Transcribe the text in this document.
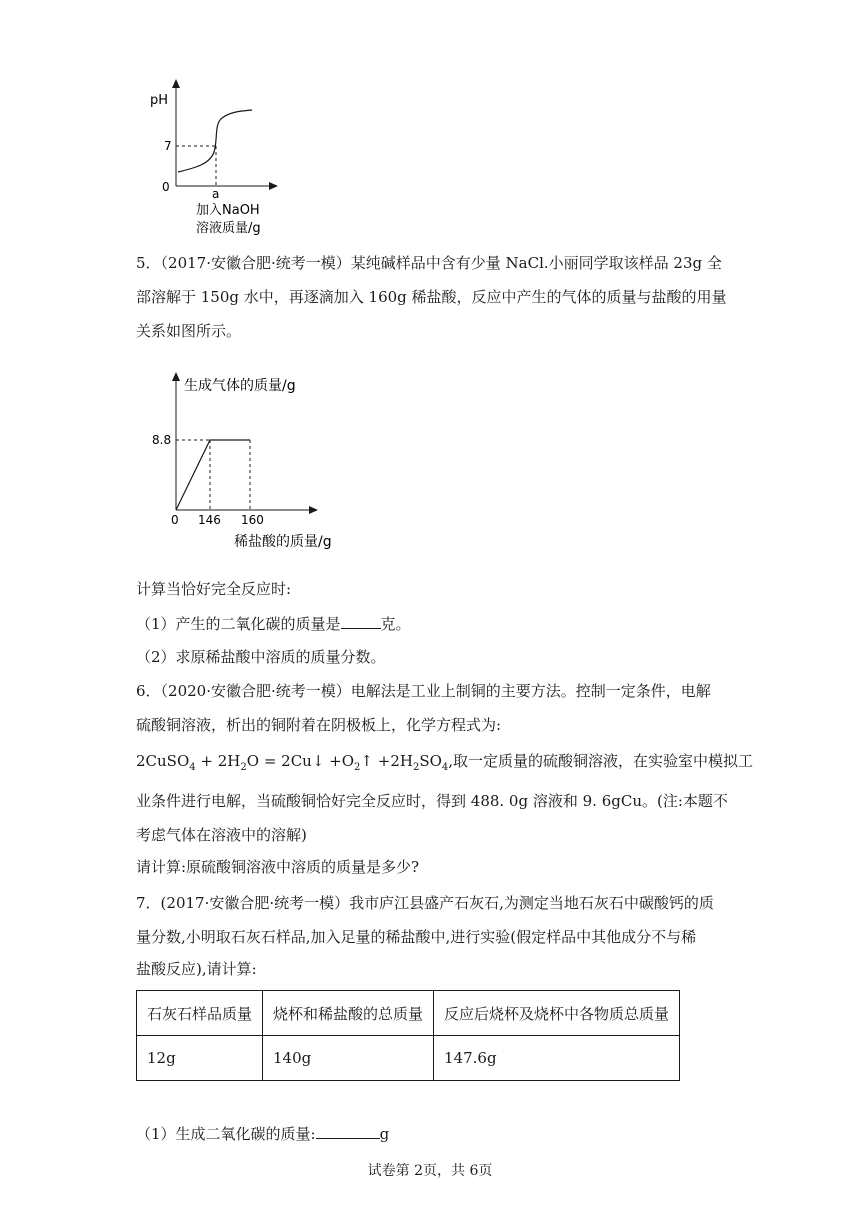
pH
7
0	a
加入NaOH
溶液质量/g
5．（2017·安徽合肥·统考一模）某纯碱样品中含有少量 NaCl.小丽同学取该样品 23g 全
部溶解于 150g 水中，再逐滴加入 160g 稀盐酸，反应中产生的气体的质量与盐酸的用量
关系如图所示。
生成气体的质量/g
8.8
0 146 160
稀盐酸的质量/g
计算当恰好完全反应时:
（1）产生的二氧化碳的质量是	克。
（2）求原稀盐酸中溶质的质量分数。
6．（2020·安徽合肥·统考一模）电解法是工业上制铜的主要方法。控制一定条件，电解
硫酸铜溶液，析出的铜附着在阴极板上，化学方程式为:
2CuSO$_4$ + $2H_2O$ = 2Cu↓ $+O_2↑ +2H_2SO_4$,取一定质量的硫酸铜溶液，在实验室中模拟工
业条件进行电解，当硫酸铜恰好完全反应时，得到 488. 0g 溶液和 9. 6gCu。(注:本题不
考虑气体在溶液中的溶解)
请计算:原硫酸铜溶液中溶质的质量是多少?
7．(2017·安徽合肥·统考一模）我市庐江县盛产石灰石,为测定当地石灰石中碳酸钙的质
量分数,小明取石灰石样品,加入足量的稀盐酸中,进行实验(假定样品中其他成分不与稀
盐酸反应),请计算:
石灰石样品质量	烧杯和稀盐酸的总质量	反应后烧杯及烧杯中各物质总质量
12g	140g	147.6g
（1）生成二氧化碳的质量:	g
试卷第 2页，共 6页
